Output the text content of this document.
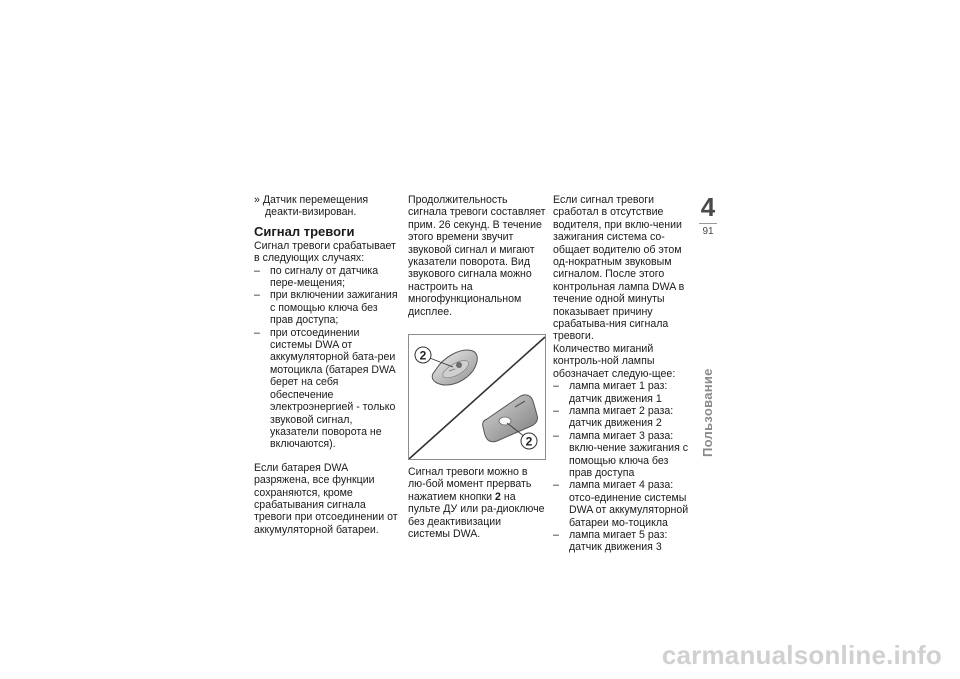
» Датчик перемещения деакти-визирован.

Сигнал тревоги

Сигнал тревоги срабатывает в следующих случаях:

– по сигналу от датчика пере-мещения;
– при включении зажигания с помощью ключа без прав доступа;
– при отсоединении системы DWA от аккумуляторной бата-реи мотоцикла (батарея DWA берет на себя обеспечение электроэнергией - только звуковой сигнал, указатели поворота не включаются).

Если батарея DWA разряжена, все функции сохраняются, кроме срабатывания сигнала тревоги при отсоединении от аккумуляторной батареи.

Продолжительность сигнала тревоги составляет прим. 26 секунд. В течение этого времени звучит звуковой сигнал и мигают указатели поворота. Вид звукового сигнала можно настроить на многофункциональном дисплее.

2
2

Сигнал тревоги можно в лю-бой момент прервать нажатием кнопки 2 на пульте ДУ или ра-диоключе без деактивизации системы DWA.

Если сигнал тревоги сработал в отсутствие водителя, при вклю-чении зажигания система со-общает водителю об этом од-нократным звуковым сигналом. После этого контрольная лампа DWA в течение одной минуты показывает причину срабатыва-ния сигнала тревоги.

Количество миганий контроль-ной лампы обозначает следую-щее:

– лампа мигает 1 раз: датчик движения 1
– лампа мигает 2 раза: датчик движения 2
– лампа мигает 3 раза: вклю-чение зажигания с помощью ключа без прав доступа
– лампа мигает 4 раза: отсо-единение системы DWA от аккумуляторной батареи мо-тоцикла
– лампа мигает 5 раз: датчик движения 3
4
91
Пользование
carmanualsonline.info
